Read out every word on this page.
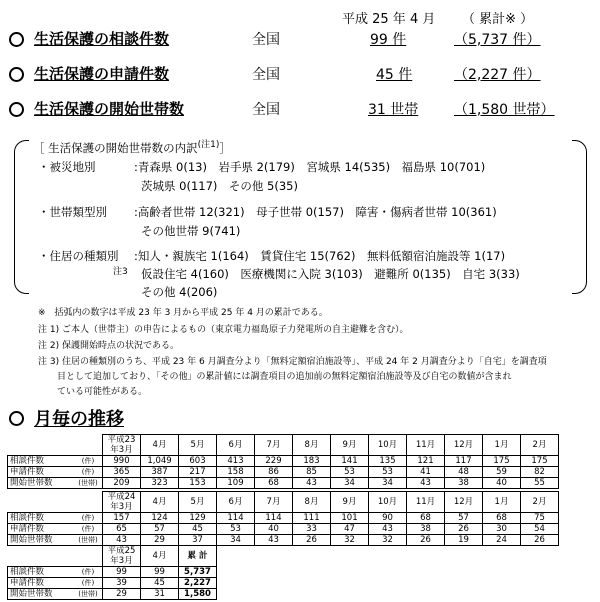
平成 25 年 4 月 （ 累計※ ）
生活保護の相談件数	全国	99 件	（5,737 件）
生活保護の申請件数	全国	45 件	（2,227 件）
生活保護の開始世帯数	全国	31 世帯	（1,580 世帯）
［ 生活保護の開始世帯数の内訳$^{(注1)}$］
・被災地別	:青森県 0(13)　岩手県 2(179)　宮城県 14(535)　福島県 10(701)
茨城県 0(117)　その他 5(35)
・世帯類型別 :高齢者世帯 12(321)　母子世帯 0(157)　障害・傷病者世帯 10(361)
その他世帯 9(741)
・住居の種類別
注3
:知人・親族宅 1(164)　賃貸住宅 15(762)　無料低額宿泊施設等 1(17)
仮設住宅 4(160)　医療機関に入院 3(103)　避難所 0(135)　自宅 3(33)
その他 4(206)
※　括弧内の数字は平成 23 年 3 月から平成 25 年 4 月の累計である。
注 1) ご本人（世帯主）の申告によるもの（東京電力福島原子力発電所の自主避難を含む）。
注 2) 保護開始時点の状況である。
注 3) 住居の種類別のうち、平成 23 年 6 月調査分より「無料定額宿泊施設等」、平成 24 年 2 月調査分より「自宅」を調査項
目として追加しており、「その他」の累計値には調査項目の追加前の無料定額宿泊施設等及び自宅の数値が含まれ
ている可能性がある。
月毎の推移
		平成23年3月	4月	5月	6月	7月	8月	9月	10月	11月	12月	1月	2月
相談件数	(件)	990	1,049	603	413	229	183	141	135	121	117	175	175
申請件数	(件)	365	387	217	158	86	85	53	53	41	48	59	82
開始世帯数	(世帯)	209	323	153	109	68	43	34	34	43	38	40	55
		平成24年3月	4月	5月	6月	7月	8月	9月	10月	11月	12月	1月	2月
相談件数	(件)	157	124	129	114	114	111	101	90	68	57	68	75
申請件数	(件)	65	57	45	53	40	33	47	43	38	26	30	54
開始世帯数	(世帯)	43	29	37	34	43	26	32	32	26	19	24	26
		平成25年3月	4月	累 計
相談件数	(件)	99	99	5,737
申請件数	(件)	39	45	2,227
開始世帯数	(世帯)	29	31	1,580
